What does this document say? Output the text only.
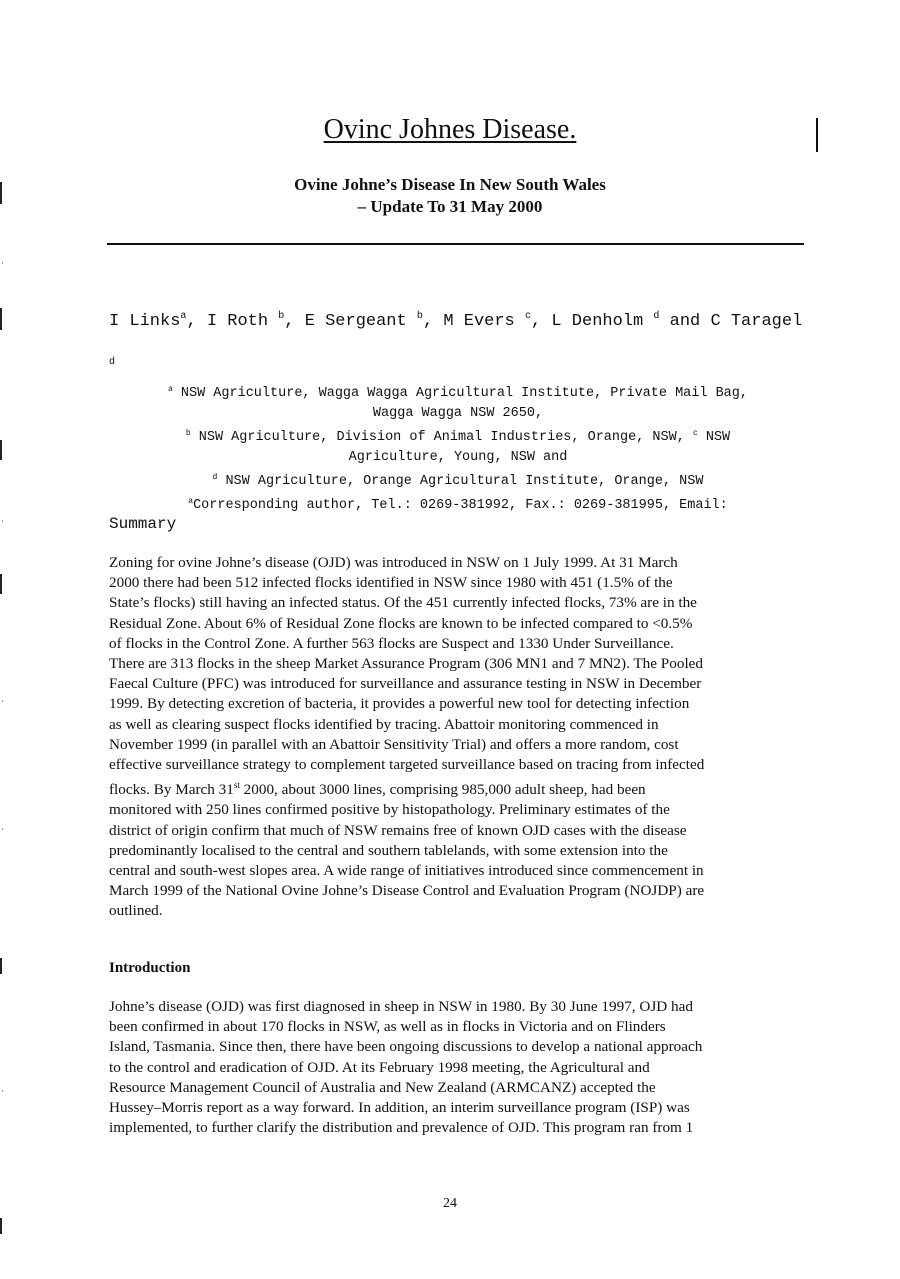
Ovinc Johnes Disease.
Ovine Johne’s Disease In New South Wales
– Update To 31 May 2000
I Links$^a$, I Roth $^b$, E Sergeant $^b$, M Evers $^c$, L Denholm $^d$ and C Taragel $^d$
$^a$ NSW Agriculture, Wagga Wagga Agricultural Institute, Private Mail Bag,
Wagga Wagga NSW 2650,
$^b$ NSW Agriculture, Division of Animal Industries, Orange, NSW, $^c$ NSW
Agriculture, Young, NSW and
$^d$ NSW Agriculture, Orange Agricultural Institute, Orange, NSW
$^a$Corresponding author, Tel.: 0269-381992, Fax.: 0269-381995, Email:
Summary
Zoning for ovine Johne’s disease (OJD) was introduced in NSW on 1 July 1999. At 31 March
2000 there had been 512 infected flocks identified in NSW since 1980 with 451 (1.5% of the
State’s flocks) still having an infected status. Of the 451 currently infected flocks, 73% are in the
Residual Zone. About 6% of Residual Zone flocks are known to be infected compared to <0.5%
of flocks in the Control Zone. A further 563 flocks are Suspect and 1330 Under Surveillance.
There are 313 flocks in the sheep Market Assurance Program (306 MN1 and 7 MN2). The Pooled
Faecal Culture (PFC) was introduced for surveillance and assurance testing in NSW in December
1999. By detecting excretion of bacteria, it provides a powerful new tool for detecting infection
as well as clearing suspect flocks identified by tracing. Abattoir monitoring commenced in
November 1999 (in parallel with an Abattoir Sensitivity Trial) and offers a more random, cost
effective surveillance strategy to complement targeted surveillance based on tracing from infected
flocks. By March 31st 2000, about 3000 lines, comprising 985,000 adult sheep, had been
monitored with 250 lines confirmed positive by histopathology. Preliminary estimates of the
district of origin confirm that much of NSW remains free of known OJD cases with the disease
predominantly localised to the central and southern tablelands, with some extension into the
central and south-west slopes area. A wide range of initiatives introduced since commencement in
March 1999 of the National Ovine Johne’s Disease Control and Evaluation Program (NOJDP) are
outlined.
Introduction
Johne’s disease (OJD) was first diagnosed in sheep in NSW in 1980. By 30 June 1997, OJD had
been confirmed in about 170 flocks in NSW, as well as in flocks in Victoria and on Flinders
Island, Tasmania. Since then, there have been ongoing discussions to develop a national approach
to the control and eradication of OJD. At its February 1998 meeting, the Agricultural and
Resource Management Council of Australia and New Zealand (ARMCANZ) accepted the
Hussey–Morris report as a way forward. In addition, an interim surveillance program (ISP) was
implemented, to further clarify the distribution and prevalence of OJD. This program ran from 1
24
